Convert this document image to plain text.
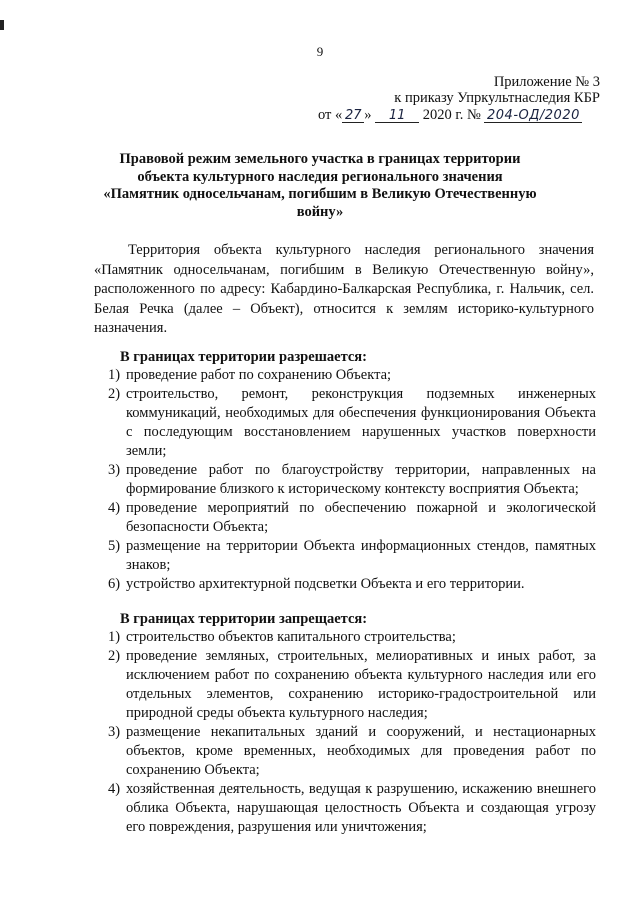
9
Приложение № 3
к приказу Упркультнаследия КБР
от « 27 » 11 2020 г. № 204-ОД/2020
Правовой режим земельного участка в границах территории
объекта культурного наследия регионального значения
«Памятник односельчанам, погибшим в Великую Отечественную
войну»

Территория объекта культурного наследия регионального значения «Памятник односельчанам, погибшим в Великую Отечественную войну», расположенного по адресу: Кабардино-Балкарская Республика, г. Нальчик, сел. Белая Речка (далее – Объект), относится к землям историко-культурного назначения.

В границах территории разрешается:
1) проведение работ по сохранению Объекта;
2) строительство, ремонт, реконструкция подземных инженерных коммуникаций, необходимых для обеспечения функционирования Объекта с последующим восстановлением нарушенных участков поверхности земли;
3) проведение работ по благоустройству территории, направленных на формирование близкого к историческому контексту восприятия Объекта;
4) проведение мероприятий по обеспечению пожарной и экологической безопасности Объекта;
5) размещение на территории Объекта информационных стендов, памятных знаков;
6) устройство архитектурной подсветки Объекта и его территории.
В границах территории запрещается:
1) строительство объектов капитального строительства;
2) проведение земляных, строительных, мелиоративных и иных работ, за исключением работ по сохранению объекта культурного наследия или его отдельных элементов, сохранению историко-градостроительной или природной среды объекта культурного наследия;
3) размещение некапитальных зданий и сооружений, и нестационарных объектов, кроме временных, необходимых для проведения работ по сохранению Объекта;
4) хозяйственная деятельность, ведущая к разрушению, искажению внешнего облика Объекта, нарушающая целостность Объекта и создающая угрозу его повреждения, разрушения или уничтожения;
